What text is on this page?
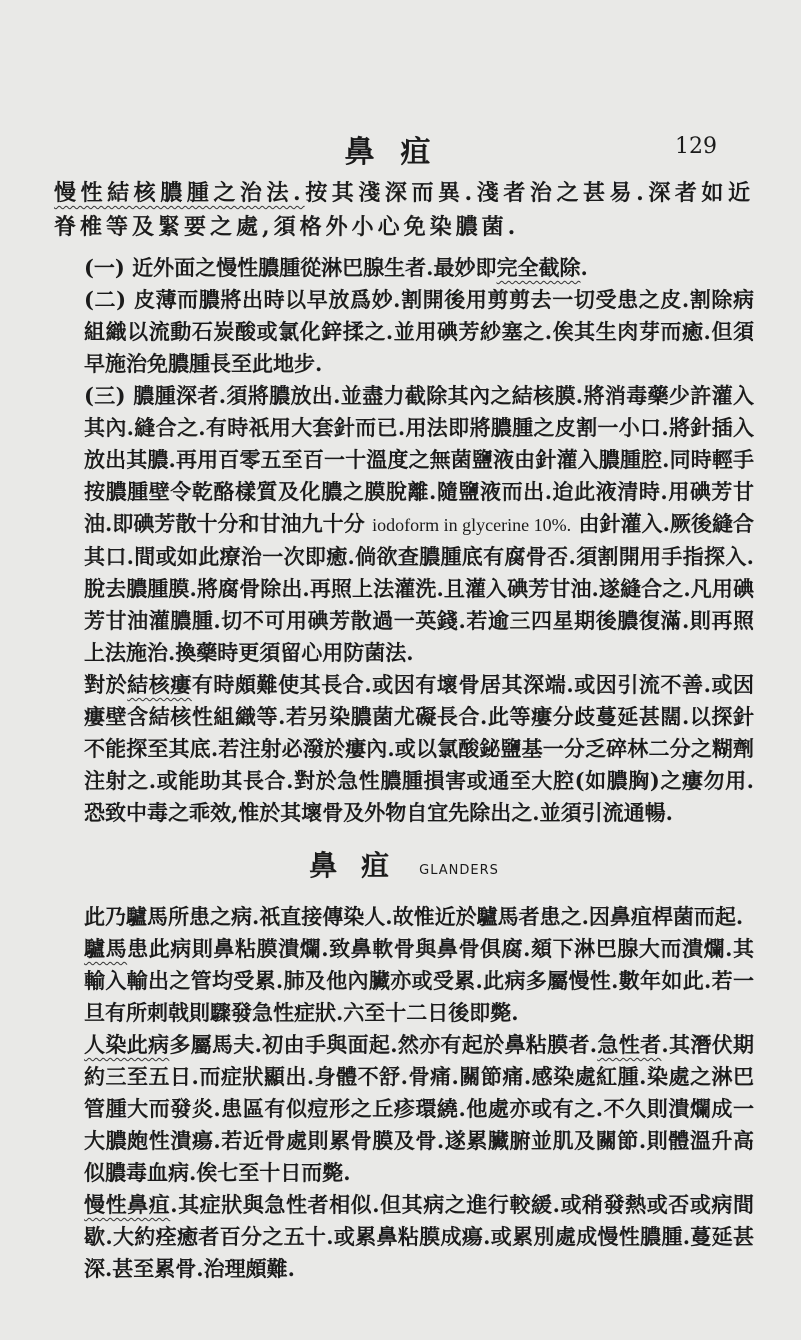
鼻疽	129

慢性結核膿腫之治法.按其淺深而異.淺者治之甚易.深者如近脊椎等及緊要之處,須格外小心免染膿菌.

(一) 近外面之慢性膿腫從淋巴腺生者.最妙即完全截除.

(二) 皮薄而膿將出時以早放爲妙.割開後用剪剪去一切受患之皮.割除病組織以流動石炭酸或氯化鋅揉之.並用碘芳紗塞之.俟其生肉芽而癒.但須早施治免膿腫長至此地步.

(三) 膿腫深者.須將膿放出.並盡力截除其內之結核膜.將消毒藥少許灌入其內.縫合之.有時祇用大套針而已.用法即將膿腫之皮割一小口.將針插入放出其膿.再用百零五至百一十溫度之無菌鹽液由針灌入膿腫腔.同時輕手按膿腫壁令乾酪樣質及化膿之膜脫離.隨鹽液而出.迨此液清時.用碘芳甘油.即碘芳散十分和甘油九十分 iodoform in glycerine 10%. 由針灌入.厥後縫合其口.間或如此療治一次即癒.倘欲查膿腫底有腐骨否.須割開用手指探入.脫去膿腫膜.將腐骨除出.再照上法灌洗.且灌入碘芳甘油.遂縫合之.凡用碘芳甘油灌膿腫.切不可用碘芳散過一英錢.若逾三四星期後膿復滿.則再照上法施治.換藥時更須留心用防菌法.

對於結核瘻有時頗難使其長合.或因有壞骨居其深端.或因引流不善.或因瘻壁含結核性組織等.若另染膿菌尤礙長合.此等瘻分歧蔓延甚闊.以探針不能探至其底.若注射必潑於瘻內.或以氯酸鉍鹽基一分乏碎林二分之糊劑注射之.或能助其長合.對於急性膿腫損害或通至大腔(如膿胸)之瘻勿用.恐致中毒之乖效,惟於其壞骨及外物自宜先除出之.並須引流通暢.

鼻疽 GLANDERS

此乃驢馬所患之病.祇直接傳染人.故惟近於驢馬者患之.因鼻疽桿菌而起.

驢馬患此病則鼻粘膜潰爛.致鼻軟骨與鼻骨俱腐.頦下淋巴腺大而潰爛.其輸入輸出之管均受累.肺及他內臟亦或受累.此病多屬慢性.數年如此.若一旦有所刺戟則驟發急性症狀.六至十二日後即斃.

人染此病多屬馬夫.初由手與面起.然亦有起於鼻粘膜者.急性者.其潛伏期約三至五日.而症狀顯出.身體不舒.骨痛.關節痛.感染處紅腫.染處之淋巴管腫大而發炎.患區有似痘形之丘疹環繞.他處亦或有之.不久則潰爛成一大膿皰性潰瘍.若近骨處則累骨膜及骨.遂累臟腑並肌及關節.則體溫升高似膿毒血病.俟七至十日而斃.

慢性鼻疽.其症狀與急性者相似.但其病之進行較緩.或稍發熱或否或病間歇.大約痊癒者百分之五十.或累鼻粘膜成瘍.或累別處成慢性膿腫.蔓延甚深.甚至累骨.治理頗難.
